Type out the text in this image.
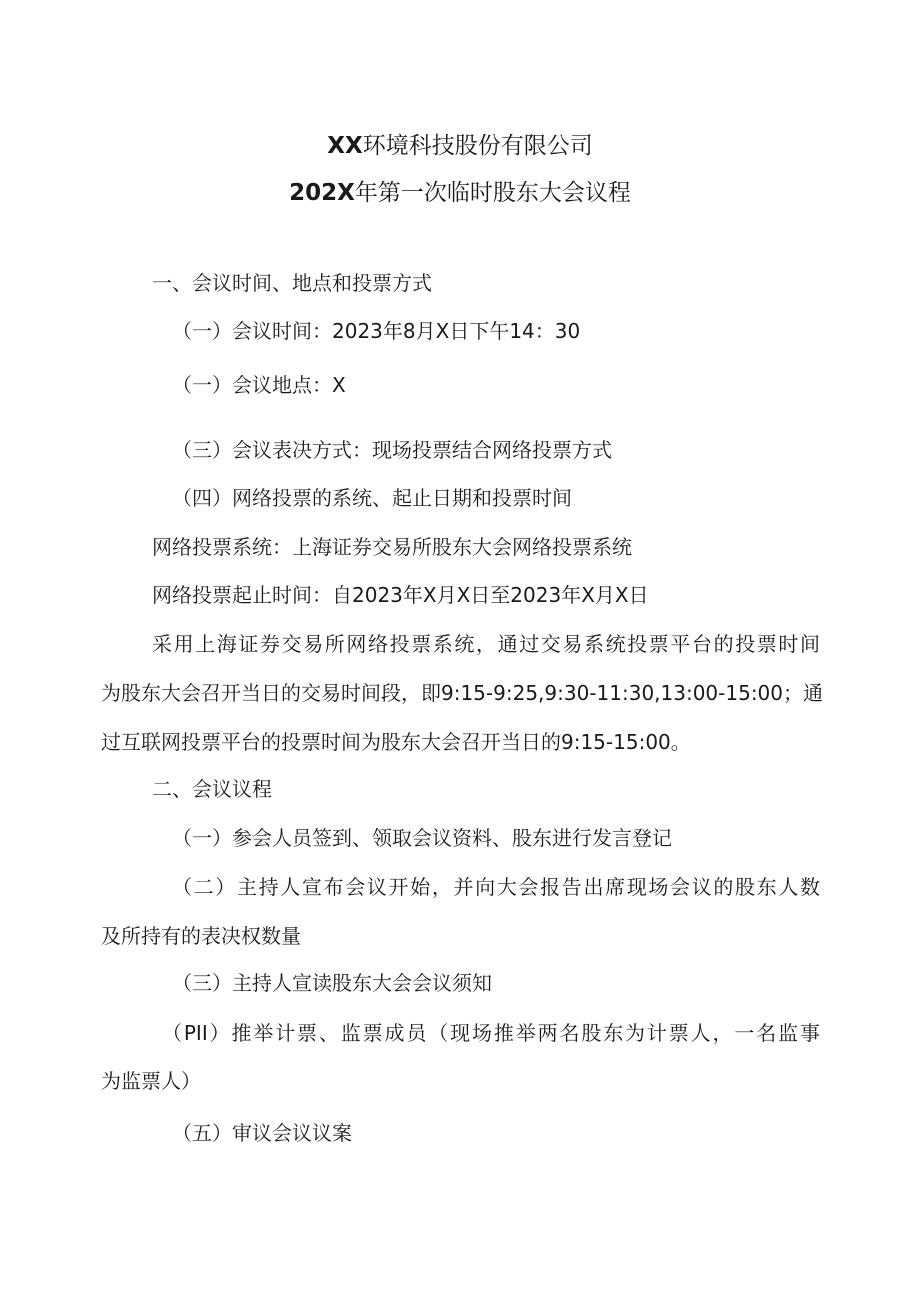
XX环境科技股份有限公司
202X年第一次临时股东大会议程
一、会议时间、地点和投票方式
（一）会议时间：2023年8月X日下午14：30
（一）会议地点：X
（三）会议表决方式：现场投票结合网络投票方式
（四）网络投票的系统、起止日期和投票时间
网络投票系统：上海证券交易所股东大会网络投票系统
网络投票起止时间：自2023年X月X日至2023年X月X日
采用上海证券交易所网络投票系统，通过交易系统投票平台的投票时间
为股东大会召开当日的交易时间段，即9:15-9:25,9:30-11:30,13:00-15:00；通
过互联网投票平台的投票时间为股东大会召开当日的9:15-15:00。
二、会议议程
（一）参会人员签到、领取会议资料、股东进行发言登记
（二）主持人宣布会议开始，并向大会报告出席现场会议的股东人数
及所持有的表决权数量
（三）主持人宣读股东大会会议须知
（PII）推举计票、监票成员（现场推举两名股东为计票人，一名监事
为监票人）
（五）审议会议议案
